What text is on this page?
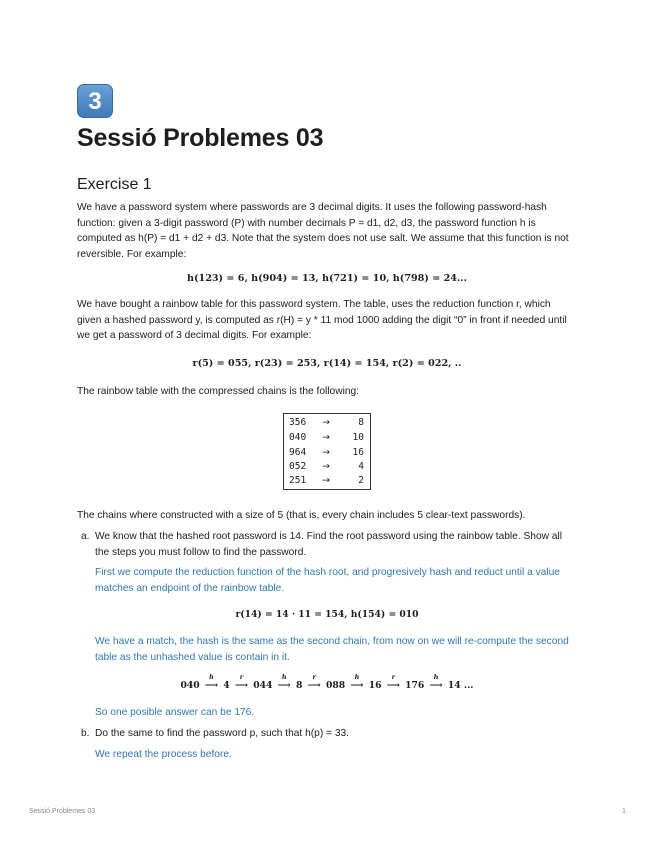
3
Sessió Problemes 03
Exercise 1

We have a password system where passwords are 3 decimal digits. It uses the following password-hash function: given a 3-digit password (P) with number decimals P = d1, d2, d3, the password function h is computed as h(P) = d1 + d2 + d3. Note that the system does not use salt. We assume that this function is not reversible. For example:

h(123) = 6, h(904) = 13, h(721) = 10, h(798) = 24...

We have bought a rainbow table for this password system. The table, uses the reduction function r, which given a hashed password y, is computed as r(H) = y * 11 mod 1000 adding the digit “0” in front if needed until we get a password of 3 decimal digits. For example:

r(5) = 055, r(23) = 253, r(14) = 154, r(2) = 022, ..

The rainbow table with the compressed chains is the following:

356 →	8
040 → 10
964 → 16
052 →	4
251 →	2

The chains where constructed with a size of 5 (that is, every chain includes 5 clear-text passwords).

a. We know that the hashed root password is 14. Find the root password using the rainbow table. Show all the steps you must follow to find the password.

First we compute the reduction function of the hash root, and progresively hash and reduct until a value matches an endpoint of the rainbow table.

r(14) = 14 · 11 = 154, h(154) = 010

We have a match, the hash is the same as the second chain, from now on we will re-compute the second table as the unhashed value is contain in it.

040
h
⟶ 4
r
⟶ 044
h
⟶ 8
r
⟶ 088
h
⟶ 16
r
⟶ 176
h
⟶ 14 ...

So one posible answer can be 176.

b. Do the same to find the password p, such that h(p) = 33.

We repeat the process before.

Sessió Problemes 03	1
